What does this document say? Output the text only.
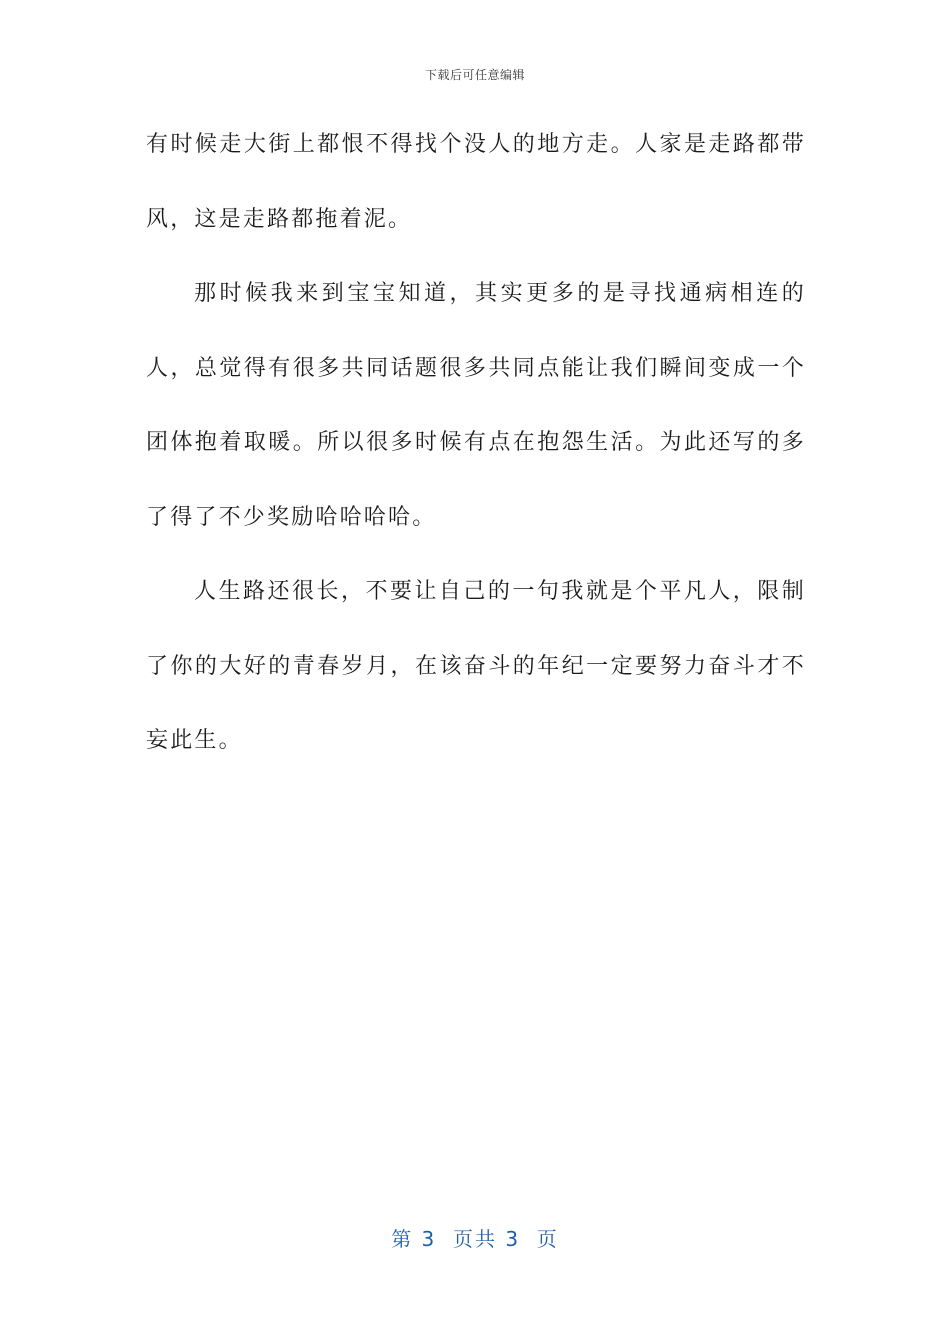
下载后可任意编辑

有时候走大街上都恨不得找个没人的地方走。人家是走路都带风，这是走路都拖着泥。

那时候我来到宝宝知道，其实更多的是寻找通病相连的人，总觉得有很多共同话题很多共同点能让我们瞬间变成一个团体抱着取暖。所以很多时候有点在抱怨生活。为此还写的多了得了不少奖励哈哈哈哈。

人生路还很长，不要让自己的一句我就是个平凡人，限制了你的大好的青春岁月，在该奋斗的年纪一定要努力奋斗才不妄此生。

第 3  页共 3  页
